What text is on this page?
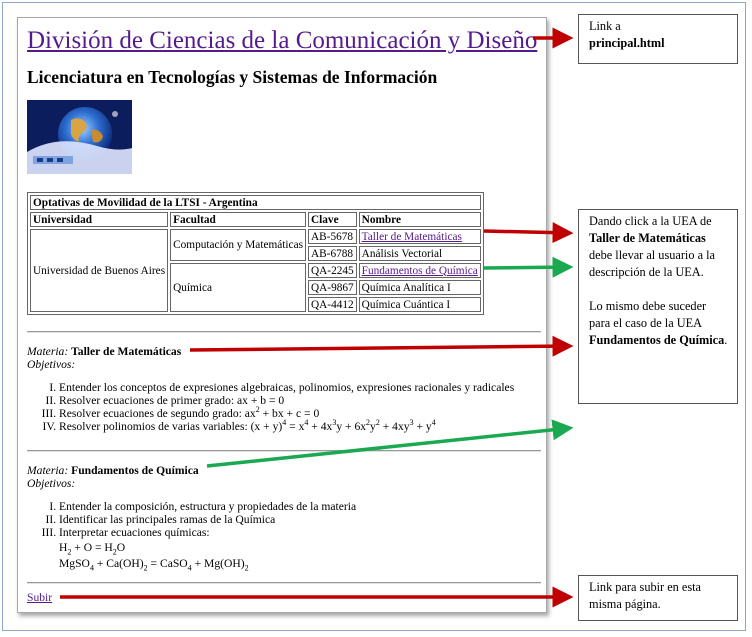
División de Ciencias de la Comunicación y Diseño
Licenciatura en Tecnologías y Sistemas de Información
Optativas de Movilidad de la LTSI - Argentina			
Universidad	Facultad	Clave	Nombre
Universidad de Buenos Aires	Computación y Matemáticas	AB-5678	Taller de Matemáticas
		AB-6788	Análisis Vectorial
	Química	QA-2245	Fundamentos de Química
		QA-9867	Química Analítica I
		QA-4412	Química Cuántica I
Materia: Taller de Matemáticas
Objetivos:
I. Entender los conceptos de expresiones algebraicas, polinomios, expresiones racionales y radicales
II. Resolver ecuaciones de primer grado: ax + b = 0
III. Resolver ecuaciones de segundo grado: $ax^2$ + bx + c = 0
IV. Resolver polinomios de varias variables: $(x + y)^4 = x^4 + 4x^3y + 6x^2y^2 + 4xy^3 + y^4$
Materia: Fundamentos de Química
Objetivos:
I. Entender la composición, estructura y propiedades de la materia
II. Identificar las principales ramas de la Química
III. Interpretar ecuaciones químicas:
$H_2 + O = H_2O$
MgSO$_4$ + $Ca(OH)_2$ = CaSO$_4$ + $Mg(OH)_2$
Subir
Link a
principal.html
Dando click a la UEA de Taller de Matemáticas debe llevar al usuario a la descripción de la UEA.
Lo mismo debe suceder para el caso de la UEA Fundamentos de Química.
Link para subir en esta misma página.
